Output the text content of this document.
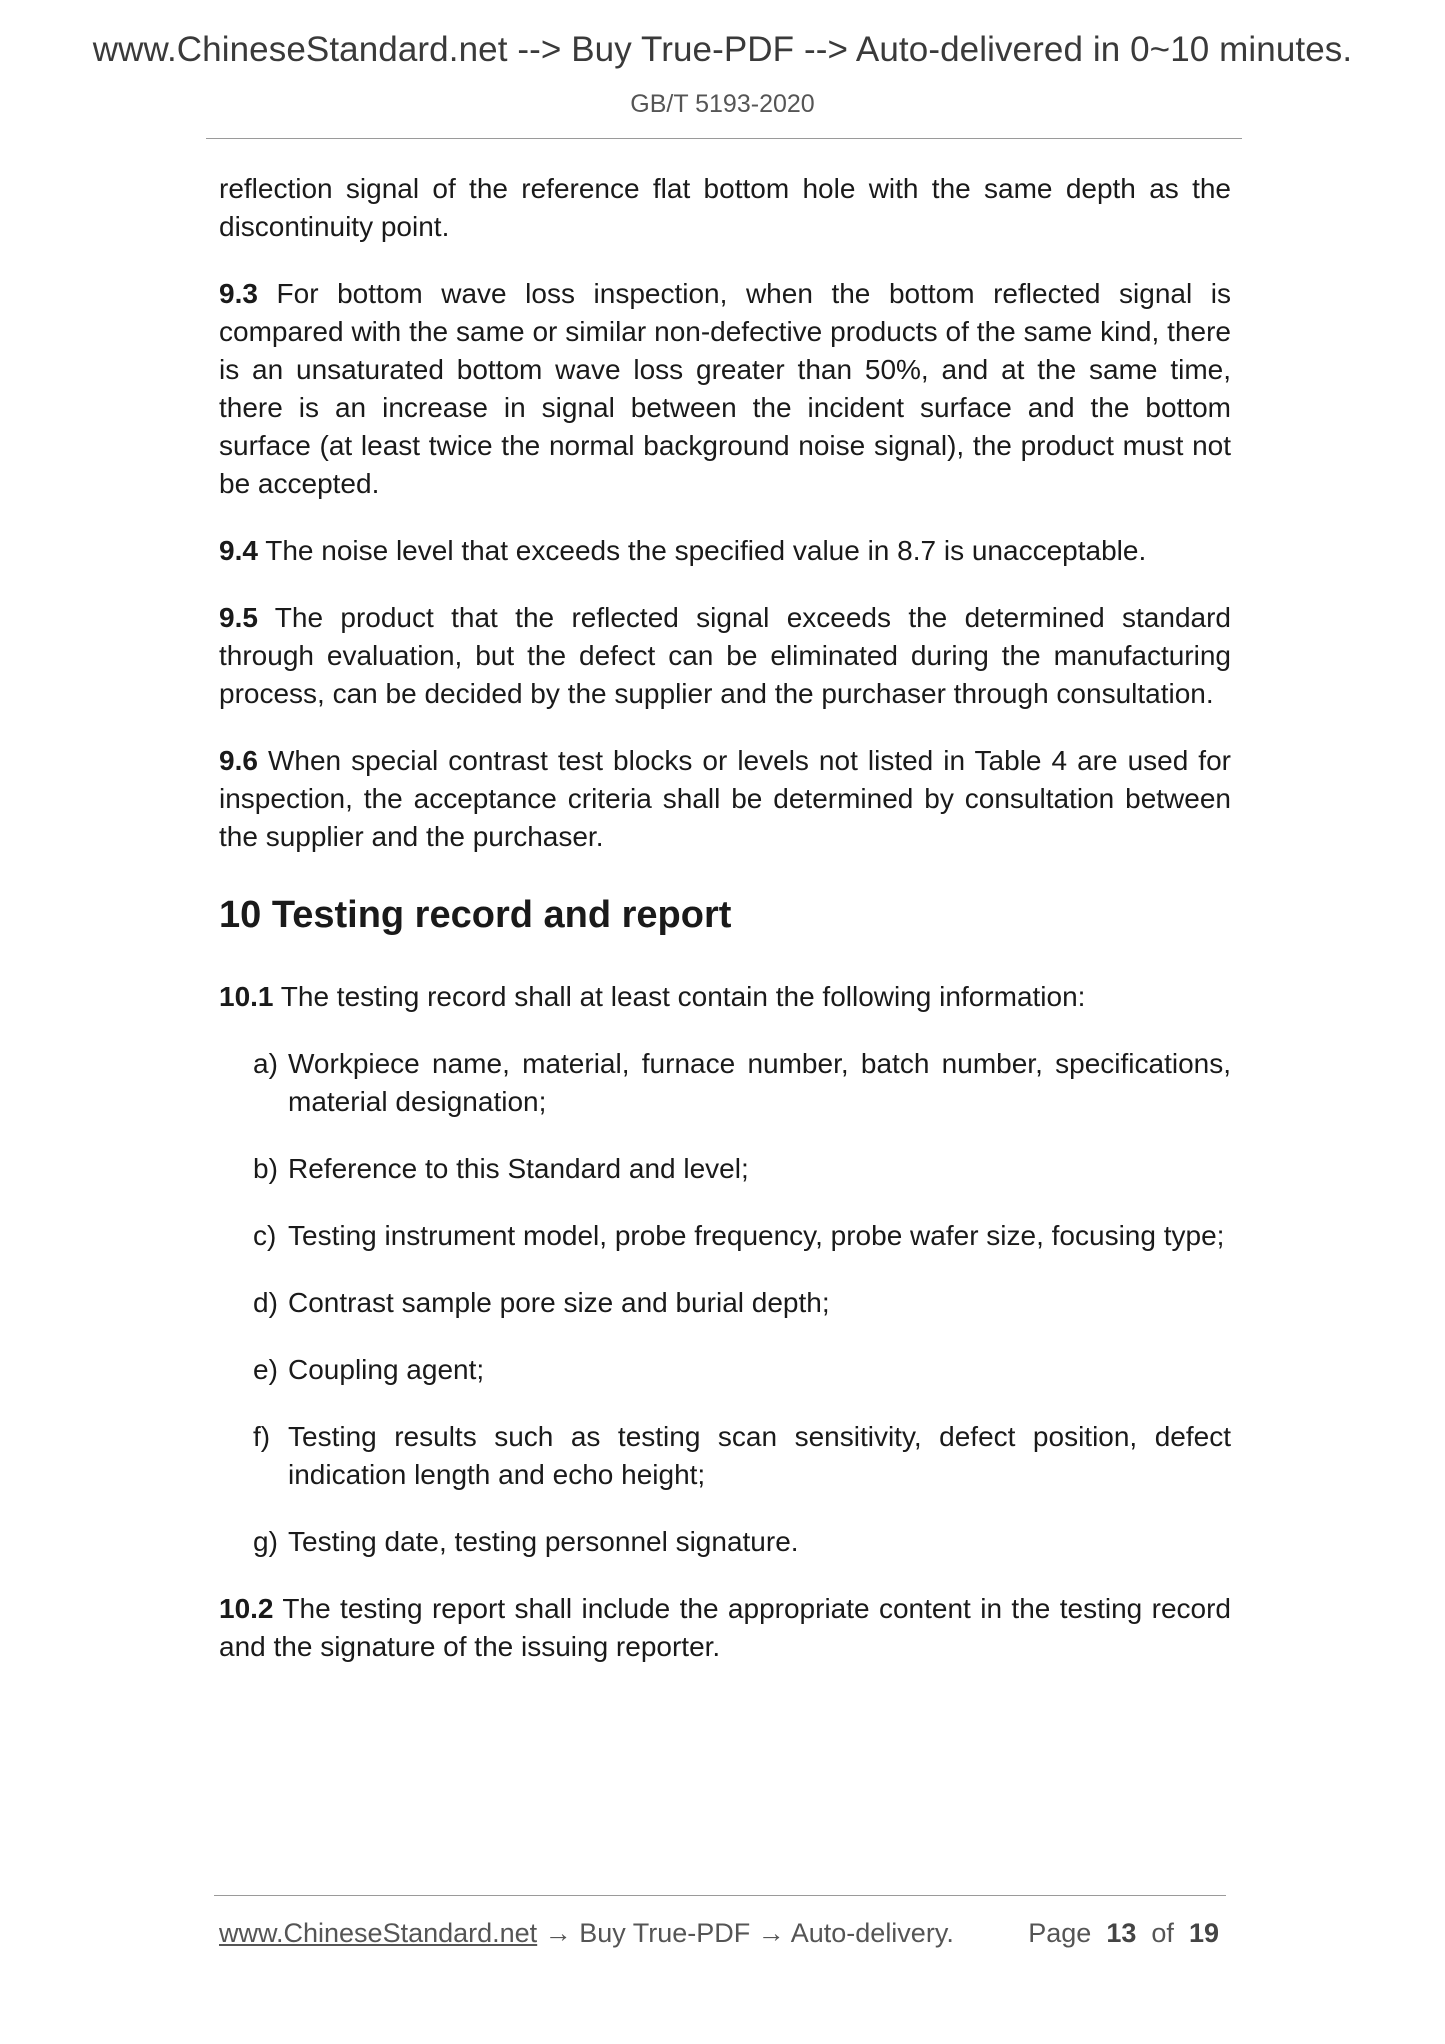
www.ChineseStandard.net --> Buy True-PDF --> Auto-delivered in 0~10 minutes.
GB/T 5193-2020

reflection signal of the reference flat bottom hole with the same depth as the discontinuity point.

9.3 For bottom wave loss inspection, when the bottom reflected signal is compared with the same or similar non-defective products of the same kind, there is an unsaturated bottom wave loss greater than 50%, and at the same time, there is an increase in signal between the incident surface and the bottom surface (at least twice the normal background noise signal), the product must not be accepted.

9.4 The noise level that exceeds the specified value in 8.7 is unacceptable.

9.5 The product that the reflected signal exceeds the determined standard through evaluation, but the defect can be eliminated during the manufacturing process, can be decided by the supplier and the purchaser through consultation.

9.6 When special contrast test blocks or levels not listed in Table 4 are used for inspection, the acceptance criteria shall be determined by consultation between the supplier and the purchaser.

10 Testing record and report

10.1 The testing record shall at least contain the following information:

a) Workpiece name, material, furnace number, batch number, specifications, material designation;

b) Reference to this Standard and level;

c) Testing instrument model, probe frequency, probe wafer size, focusing type;

d) Contrast sample pore size and burial depth;

e) Coupling agent;

f) Testing results such as testing scan sensitivity, defect position, defect indication length and echo height;

g) Testing date, testing personnel signature.

10.2 The testing report shall include the appropriate content in the testing record and the signature of the issuing reporter.

www.ChineseStandard.net → Buy True-PDF → Auto-delivery.	Page 13 of 19
